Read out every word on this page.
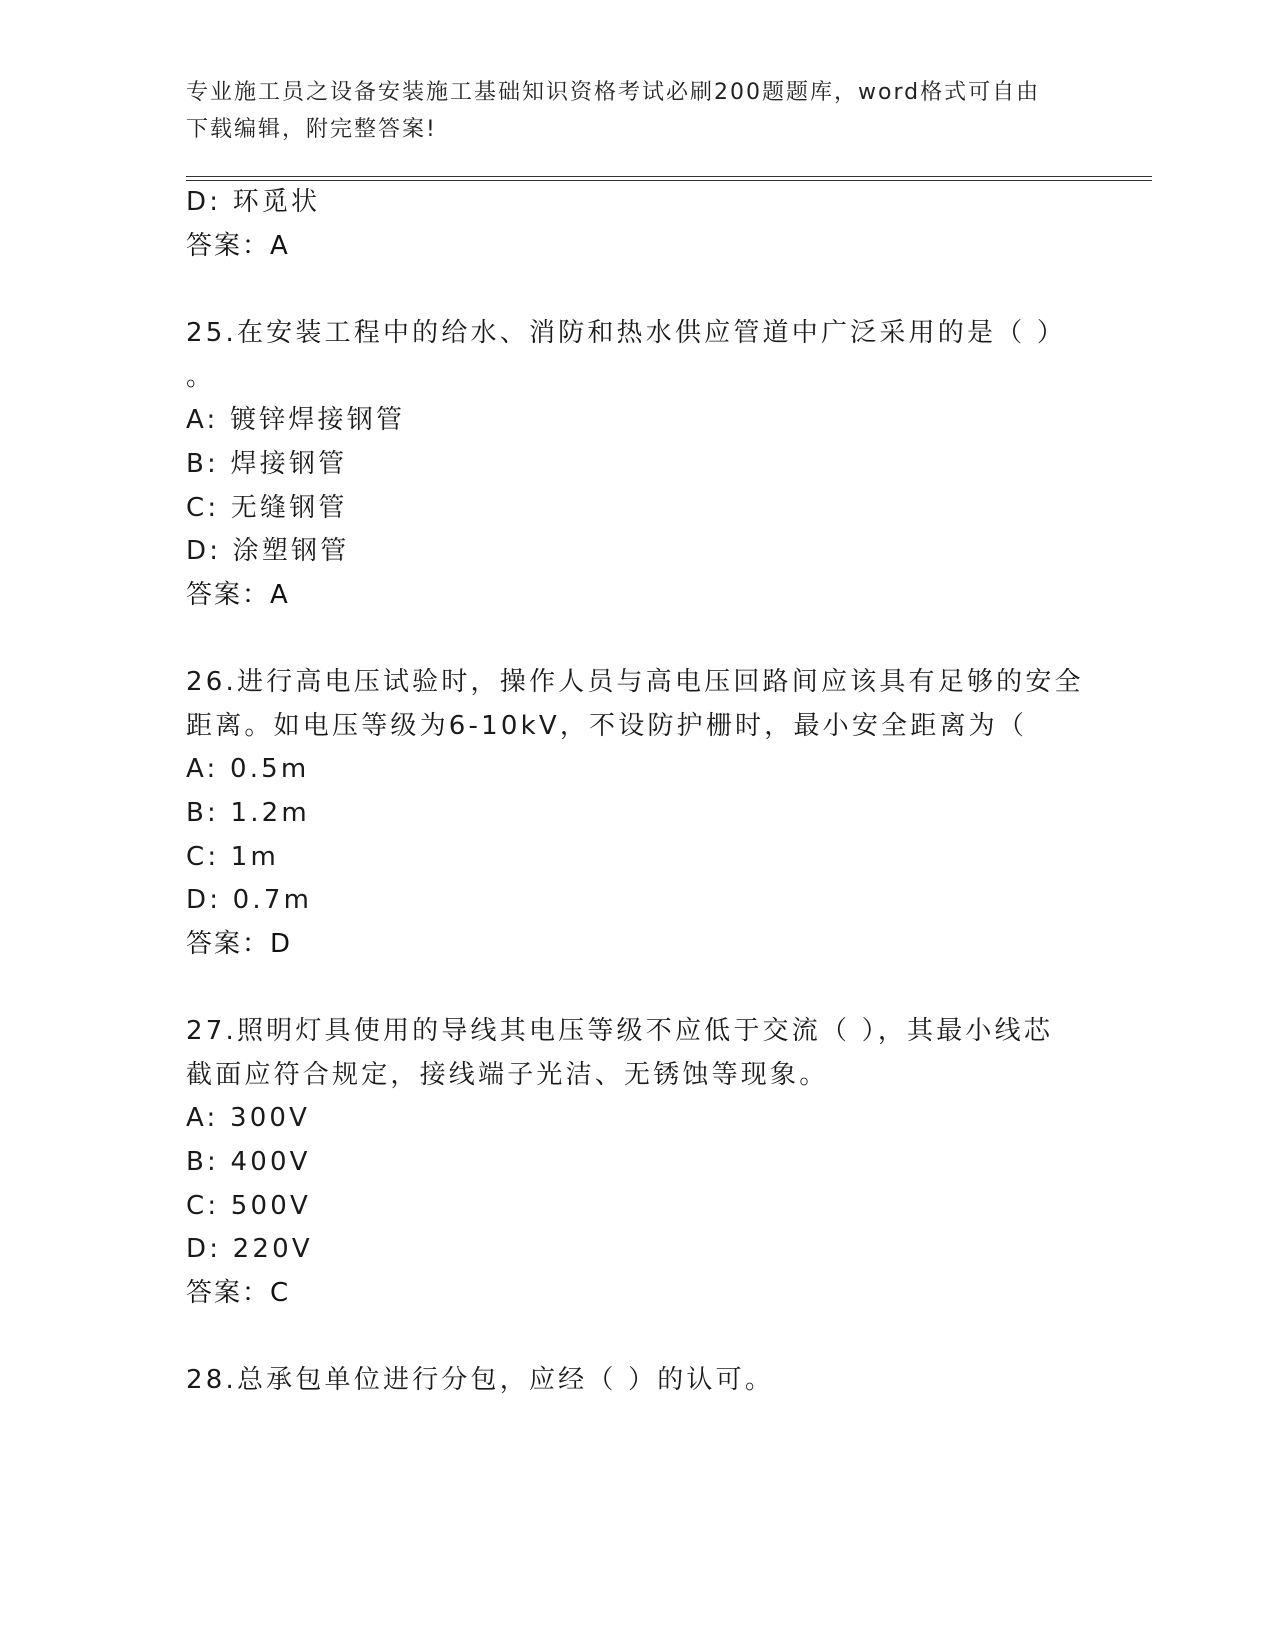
专业施工员之设备安装施工基础知识资格考试必刷200题题库，word格式可自由
下载编辑，附完整答案!
D: 环觅状
答案：A
25.在安装工程中的给水、消防和热水供应管道中广泛采用的是（ ）
。
A: 镀锌焊接钢管
B: 焊接钢管
C: 无缝钢管
D: 涂塑钢管
答案：A
26.进行高电压试验时，操作人员与高电压回路间应该具有足够的安全
距离。如电压等级为6-10kV，不设防护栅时，最小安全距离为（
A: 0.5m
B: 1.2m
C: 1m
D: 0.7m
答案：D
27.照明灯具使用的导线其电压等级不应低于交流（ ），其最小线芯
截面应符合规定，接线端子光洁、无锈蚀等现象。
A: 300V
B: 400V
C: 500V
D: 220V
答案：C
28.总承包单位进行分包，应经（ ）的认可。
